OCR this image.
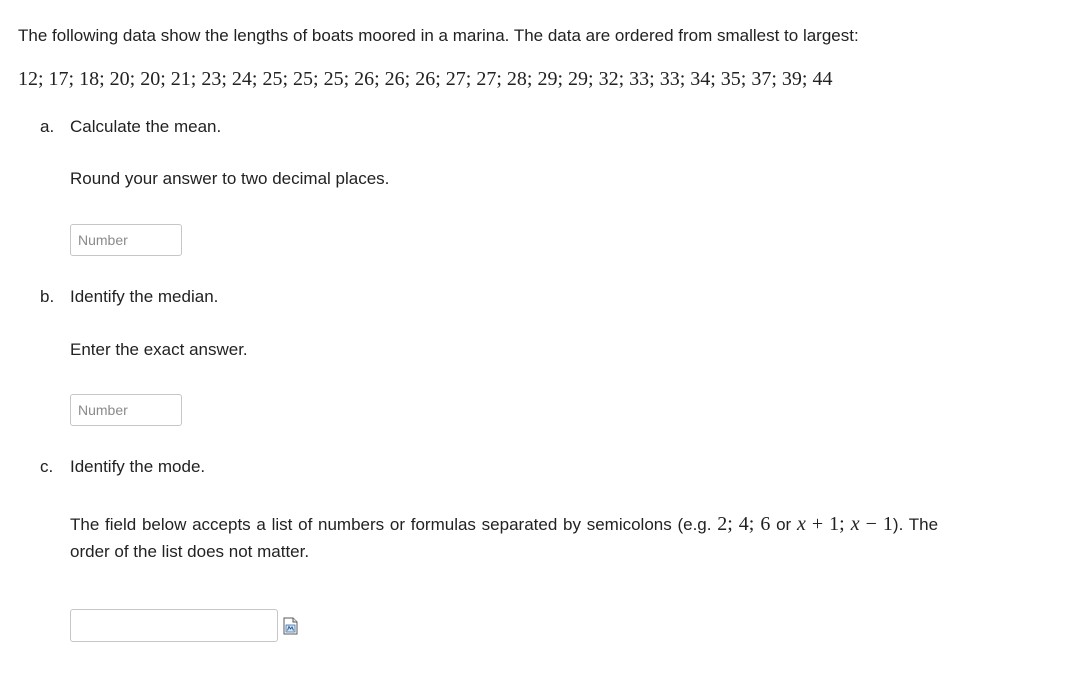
The following data show the lengths of boats moored in a marina. The data are ordered from smallest to largest:
12; 17; 18; 20; 20; 21; 23; 24; 25; 25; 25; 26; 26; 26; 27; 27; 28; 29; 29; 32; 33; 33; 34; 35; 37; 39; 44
a. Calculate the mean.
Round your answer to two decimal places.
Number
b. Identify the median.
Enter the exact answer.
Number
c. Identify the mode.
The field below accepts a list of numbers or formulas separated by semicolons (e.g. 2; 4; 6 or x + 1; x − 1). The order of the list does not matter.
